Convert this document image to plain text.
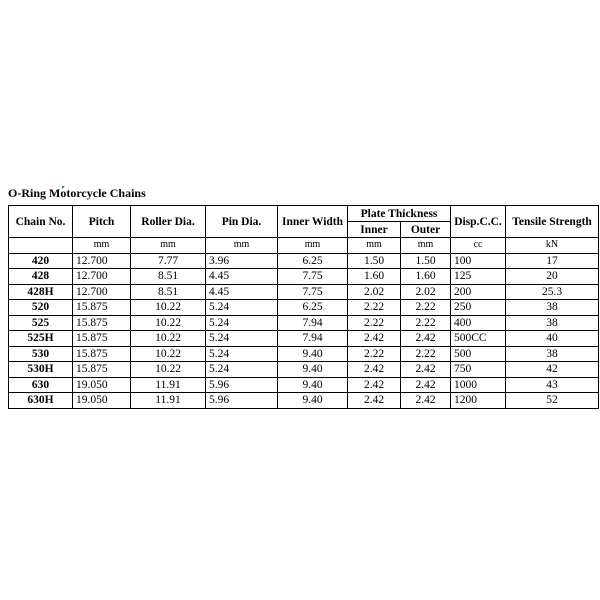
O-Ring Motorcycle Chains
Chain No.	Pitch	Roller Dia.	Pin Dia.	Inner Width	Plate Thickness		Disp.C.C.	Tensile Strength
					Inner	Outer		
	mm	mm	mm	mm	mm	mm	cc	kN
420	12.700	7.77	3.96	6.25	1.50	1.50	100	17
428	12.700	8.51	4.45	7.75	1.60	1.60	125	20
428H	12.700	8.51	4.45	7.75	2.02	2.02	200	25.3
520	15.875	10.22	5.24	6.25	2.22	2.22	250	38
525	15.875	10.22	5.24	7.94	2.22	2.22	400	38
525H	15.875	10.22	5.24	7.94	2.42	2.42	500CC	40
530	15.875	10.22	5.24	9.40	2.22	2.22	500	38
530H	15.875	10.22	5.24	9.40	2.42	2.42	750	42
630	19.050	11.91	5.96	9.40	2.42	2.42	1000	43
630H	19.050	11.91	5.96	9.40	2.42	2.42	1200	52
